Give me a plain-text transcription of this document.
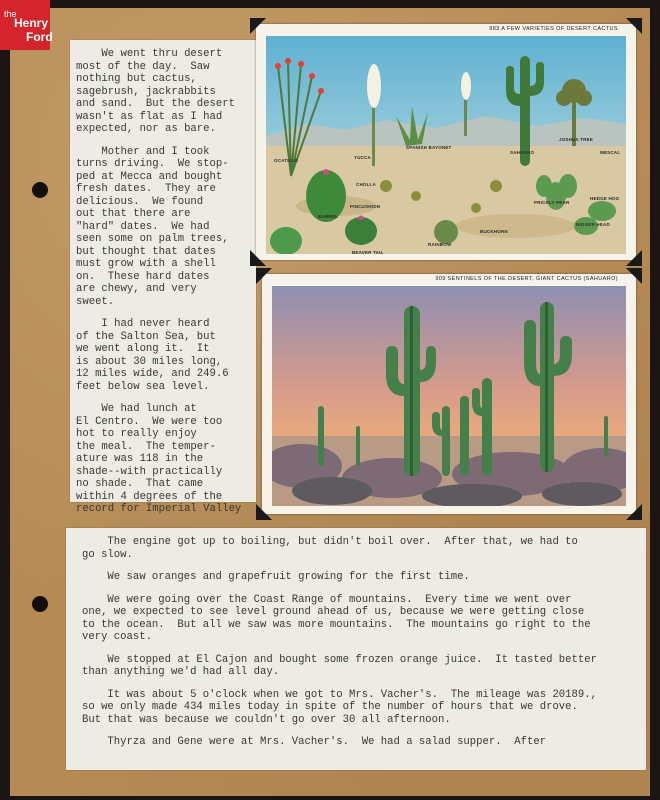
the
Henry
Ford

We went thru desert
most of the day.  Saw
nothing but cactus,
sagebrush, jackrabbits
and sand.  But the desert
wasn't as flat as I had
expected, nor as bare.

Mother and I took
turns driving.  We stop-
ped at Mecca and bought
fresh dates.  They are
delicious.  We found
out that there are
"hard" dates.  We had
seen some on palm trees,
but thought that dates
must grow with a shell
on.  These hard dates
are chewy, and very
sweet.

I had never heard
of the Salton Sea, but
we went along it.  It
is about 30 miles long,
12 miles wide, and 249.6
feet below sea level.

We had lunch at
El Centro.  We were too
hot to really enjoy
the meal.  The temper-
ature was 118 in the
shade--with practically
no shade.  That came
within 4 degrees of the
record for Imperial Valley

883 A FEW VARIETIES OF DESERT CACTUS
OCATILLO
YUCCA
SPANISH BAYONET
CHOLLA
BARREL
PINCUSHION
BEAVER TAIL
SAHUARO
JOSHUA TREE
MESCAL
PRICKLY PEAR
HEDGE HOG
NIGGER HEAD
BUCKHORN
RAINBOW
909 SENTINELS OF THE DESERT, GIANT CACTUS (SAHUARO)

The engine got up to boiling, but didn't boil over.  After that, we had to
go slow.

We saw oranges and grapefruit growing for the first time.

We were going over the Coast Range of mountains.  Every time we went over
one, we expected to see level ground ahead of us, because we were getting close
to the ocean.  But all we saw was more mountains.  The mountains go right to the
very coast.

We stopped at El Cajon and bought some frozen orange juice.  It tasted better
than anything we'd had all day.

It was about 5 o'clock when we got to Mrs. Vacher's.  The mileage was 20189.,
so we only made 434 miles today in spite of the number of hours that we drove.
But that was because we couldn't go over 30 all afternoon.

Thyrza and Gene were at Mrs. Vacher's.  We had a salad supper.  After
